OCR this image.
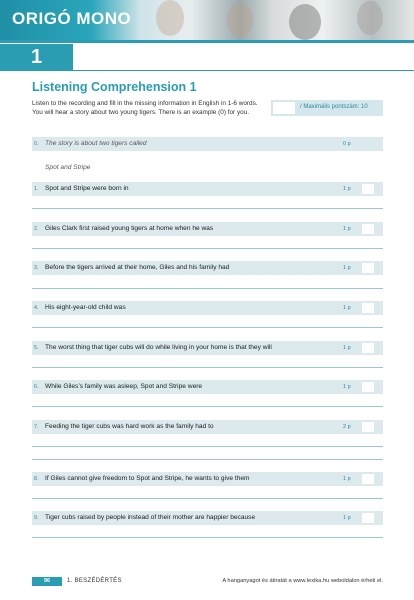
ORIGÓ MONO
1
Listening Comprehension 1
Listen to the recording and fill in the missing information in English in 1-6 words. You will hear a story about two young tigers. There is an example (0) for you.
/ Maximális pontszám: 10
0. The story is about two tigers called	0 p
Spot and Stripe
1. Spot and Stripe were born in	1 p
2. Giles Clark first raised young tigers at home when he was	1 p
3. Before the tigers arrived at their home, Giles and his family had	1 p
4. His eight-year-old child was	1 p
5. The worst thing that tiger cubs will do while living in your home is that they will	1 p
6. While Giles’s family was asleep, Spot and Stripe were	1 p
7. Feeding the tiger cubs was hard work as the family had to	2 p
8. If Giles cannot give freedom to Spot and Stripe, he wants to give them	1 p
9. Tiger cubs raised by people instead of their mother are happier because	1 p
96	1. BESZÉDÉRTÉS	A hanganyagot és átiratát a www.lexika.hu weboldalon érheti el.
